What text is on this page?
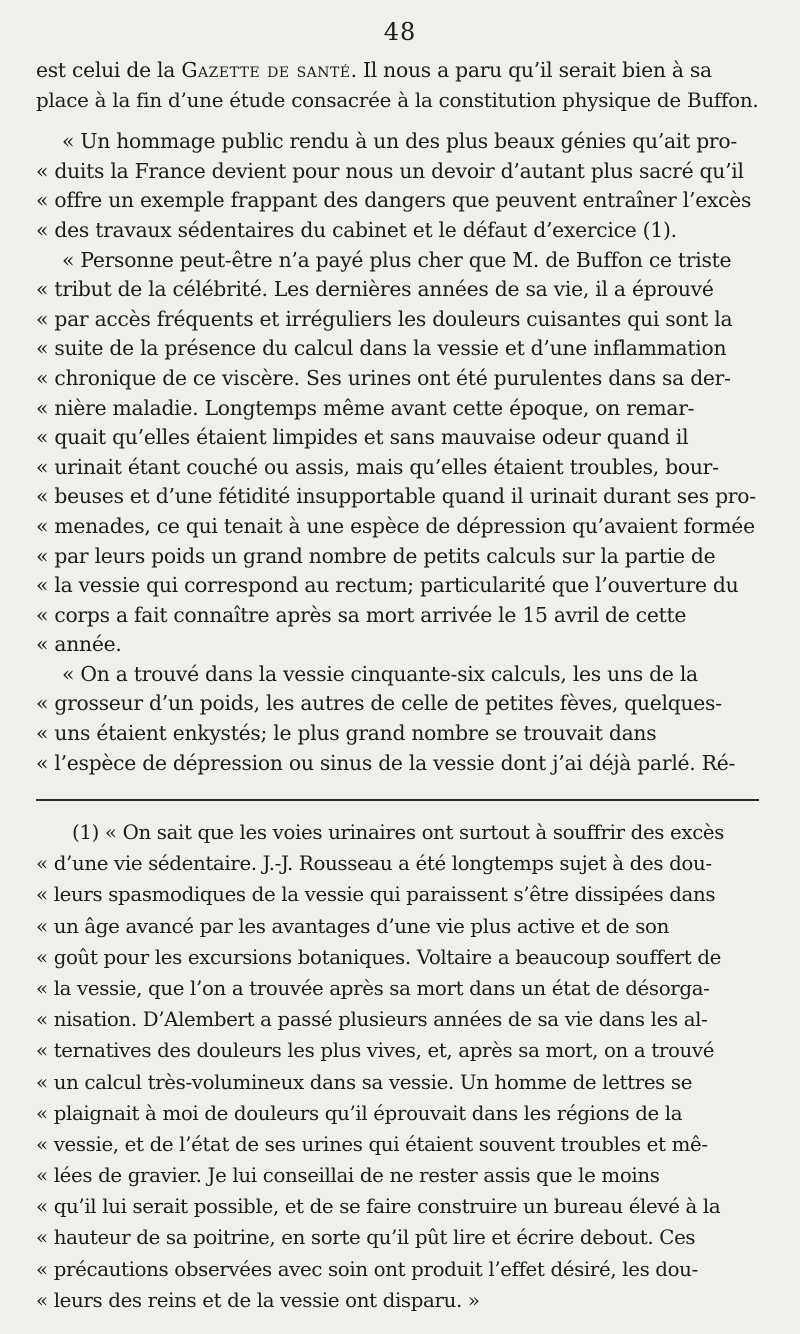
48
est celui de la Gazette de santé. Il nous a paru qu’il serait bien à sa
place à la fin d’une étude consacrée à la constitution physique de Buffon.
« Un hommage public rendu à un des plus beaux génies qu’ait pro-
« duits la France devient pour nous un devoir d’autant plus sacré qu’il
« offre un exemple frappant des dangers que peuvent entraîner l’excès
« des travaux sédentaires du cabinet et le défaut d’exercice (1).
« Personne peut-être n’a payé plus cher que M. de Buffon ce triste
« tribut de la célébrité. Les dernières années de sa vie, il a éprouvé
« par accès fréquents et irréguliers les douleurs cuisantes qui sont la
« suite de la présence du calcul dans la vessie et d’une inflammation
« chronique de ce viscère. Ses urines ont été purulentes dans sa der-
« nière maladie. Longtemps même avant cette époque, on remar-
« quait qu’elles étaient limpides et sans mauvaise odeur quand il
« urinait étant couché ou assis, mais qu’elles étaient troubles, bour-
« beuses et d’une fétidité insupportable quand il urinait durant ses pro-
« menades, ce qui tenait à une espèce de dépression qu’avaient formée
« par leurs poids un grand nombre de petits calculs sur la partie de
« la vessie qui correspond au rectum; particularité que l’ouverture du
« corps a fait connaître après sa mort arrivée le 15 avril de cette
« année.
« On a trouvé dans la vessie cinquante-six calculs, les uns de la
« grosseur d’un poids, les autres de celle de petites fèves, quelques-
« uns étaient enkystés; le plus grand nombre se trouvait dans
« l’espèce de dépression ou sinus de la vessie dont j’ai déjà parlé. Ré-
(1) « On sait que les voies urinaires ont surtout à souffrir des excès
« d’une vie sédentaire. J.-J. Rousseau a été longtemps sujet à des dou-
« leurs spasmodiques de la vessie qui paraissent s’être dissipées dans
« un âge avancé par les avantages d’une vie plus active et de son
« goût pour les excursions botaniques. Voltaire a beaucoup souffert de
« la vessie, que l’on a trouvée après sa mort dans un état de désorga-
« nisation. D’Alembert a passé plusieurs années de sa vie dans les al-
« ternatives des douleurs les plus vives, et, après sa mort, on a trouvé
« un calcul très-volumineux dans sa vessie. Un homme de lettres se
« plaignait à moi de douleurs qu’il éprouvait dans les régions de la
« vessie, et de l’état de ses urines qui étaient souvent troubles et mê-
« lées de gravier. Je lui conseillai de ne rester assis que le moins
« qu’il lui serait possible, et de se faire construire un bureau élevé à la
« hauteur de sa poitrine, en sorte qu’il pût lire et écrire debout. Ces
« précautions observées avec soin ont produit l’effet désiré, les dou-
« leurs des reins et de la vessie ont disparu. »
